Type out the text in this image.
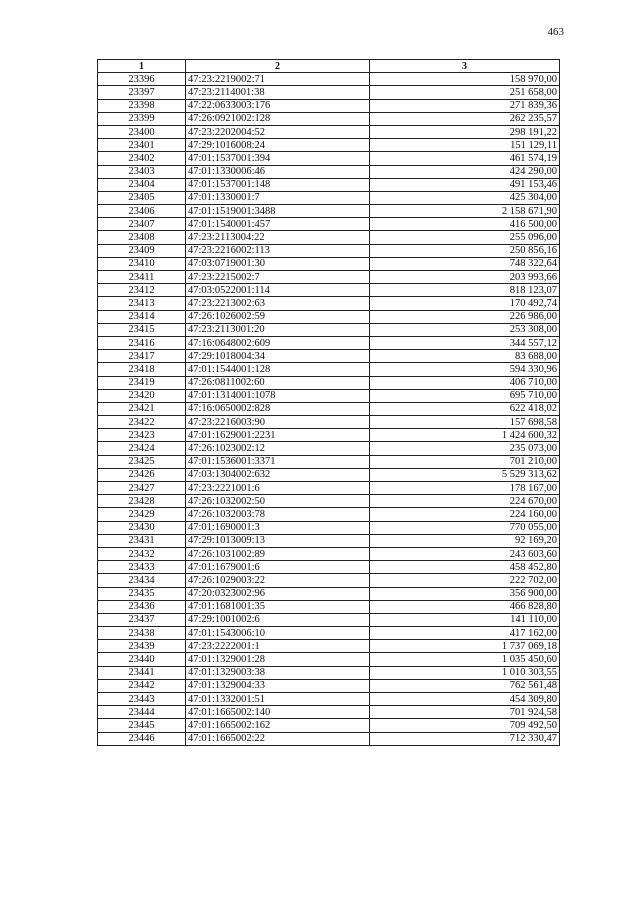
463
1	2	3
23396	47:23:2219002:71	158 970,00
23397	47:23:2114001:38	251 658,00
23398	47:22:0633003:176	271 839,36
23399	47:26:0921002:128	262 235,57
23400	47:23:2202004:52	298 191,22
23401	47:29:1016008:24	151 129,11
23402	47:01:1537001:394	461 574,19
23403	47:01:1330006:46	424 290,00
23404	47:01:1537001:148	491 153,46
23405	47:01:1330001:7	425 304,00
23406	47:01:1519001:3488	2 158 671,90
23407	47:01:1540001:457	416 500,00
23408	47:23:2113004:22	255 096,00
23409	47:23:2216002:113	250 856,16
23410	47:03:0719001:30	748 322,64
23411	47:23:2215002:7	203 993,66
23412	47:03:0522001:114	818 123,07
23413	47:23:2213002:63	170 492,74
23414	47:26:1026002:59	226 986,00
23415	47:23:2113001:20	253 308,00
23416	47:16:0648002:609	344 557,12
23417	47:29:1018004:34	83 688,00
23418	47:01:1544001:128	594 330,96
23419	47:26:0811002:60	406 710,00
23420	47:01:1314001:1078	695 710,00
23421	47:16:0650002:828	622 418,02
23422	47:23:2216003:90	157 698,58
23423	47:01:1629001:2231	1 424 600,32
23424	47:26:1023002:12	235 073,00
23425	47:01:1536001:3371	701 210,00
23426	47:03:1304002:632	5 529 313,62
23427	47:23:2221001:6	178 167,00
23428	47:26:1032002:50	224 670,00
23429	47:26:1032003:78	224 160,00
23430	47:01:1690001:3	770 055,00
23431	47:29:1013009:13	92 169,20
23432	47:26:1031002:89	243 603,60
23433	47:01:1679001:6	458 452,80
23434	47:26:1029003:22	222 702,00
23435	47:20:0323002:96	356 900,00
23436	47:01:1681001:35	466 828,80
23437	47:29:1001002:6	141 110,00
23438	47:01:1543006:10	417 162,00
23439	47:23:2222001:1	1 737 069,18
23440	47:01:1329001:28	1 035 450,60
23441	47:01:1329003:38	1 010 303,55
23442	47:01:1329004:33	762 561,48
23443	47:01:1332001:51	454 309,80
23444	47:01:1665002:140	701 924,58
23445	47:01:1665002:162	709 492,50
23446	47:01:1665002:22	712 330,47
